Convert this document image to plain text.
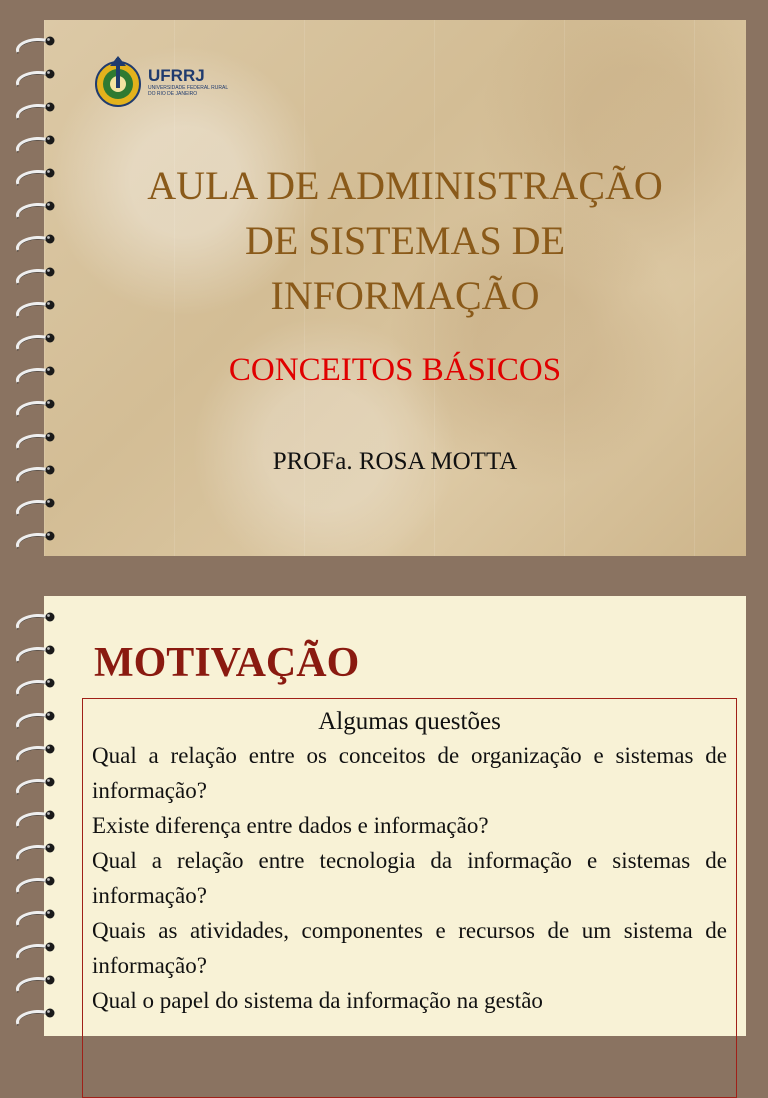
UFRRJ
UNIVERSIDADE FEDERAL RURAL DO RIO DE JANEIRO
AULA DE ADMINISTRAÇÃO
DE SISTEMAS DE
INFORMAÇÃO
CONCEITOS BÁSICOS
PROFa. ROSA MOTTA
MOTIVAÇÃO
Algumas questões
Qual a relação entre os conceitos de organização e sistemas de informação?
Existe diferença entre dados e informação?
Qual a relação entre tecnologia da informação e sistemas de informação?
Quais as atividades, componentes e recursos de um sistema de informação?
Qual o papel do sistema da informação na gestão
